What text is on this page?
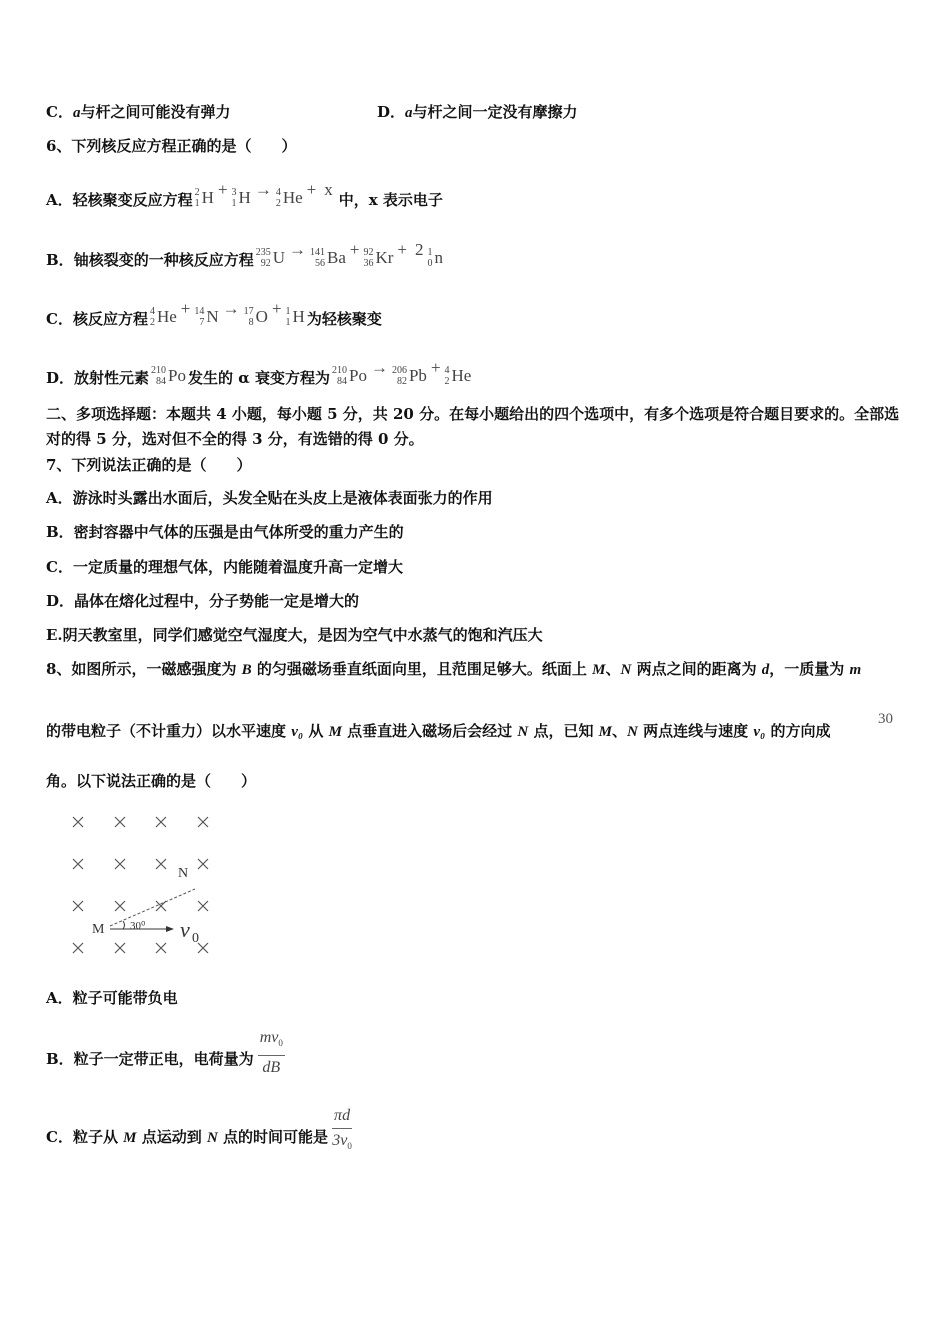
C．a与杆之间可能没有弹力	D．a与杆之间一定没有摩擦力
6、下列核反应方程正确的是（　　）
A．轻核聚变反应方程 2
1 H + 3
1 H → 4
2 He + x中，x 表示电子
B．铀核裂变的一种核反应方程 235
92 U → 141
56 Ba + 92
36 Kr + 2 1
0 n
C．核反应方程 4
2 He + 14
7 N → 17
8 O + 1
1 H 为轻核聚变
D．放射性元素 210
84 Po 发生的 α 衰变方程为 210
84 Po → 206
82 Pb + 4
2 He
二、多项选择题：本题共 4 小题，每小题 5 分，共 20 分。在每小题给出的四个选项中，有多个选项是符合题目要求的。全部选对的得 5 分，选对但不全的得 3 分，有选错的得 0 分。
7、下列说法正确的是（　　）
A．游泳时头露出水面后，头发全贴在头皮上是液体表面张力的作用
B．密封容器中气体的压强是由气体所受的重力产生的
C．一定质量的理想气体，内能随着温度升高一定增大
D．晶体在熔化过程中，分子势能一定是增大的
E.阴天教室里，同学们感觉空气湿度大，是因为空气中水蒸气的饱和汽压大
8、如图所示，一磁感强度为 B 的匀强磁场垂直纸面向里，且范围足够大。纸面上 M、N 两点之间的距离为 d，一质量为 m
的带电粒子（不计重力）以水平速度 v₀ 从 M 点垂直进入磁场后会经过 N 点，已知 M、N 两点连线与速度 v₀ 的方向成
30
角。以下说法正确的是（　　）
M
N
30⁰ v 0
A．粒子可能带负电
B．粒子一定带正电，电荷量为 $\frac{mv_0}{dB}$
C．粒子从 M 点运动到 N 点的时间可能是 $\frac{\pi d}{3v_0}$
